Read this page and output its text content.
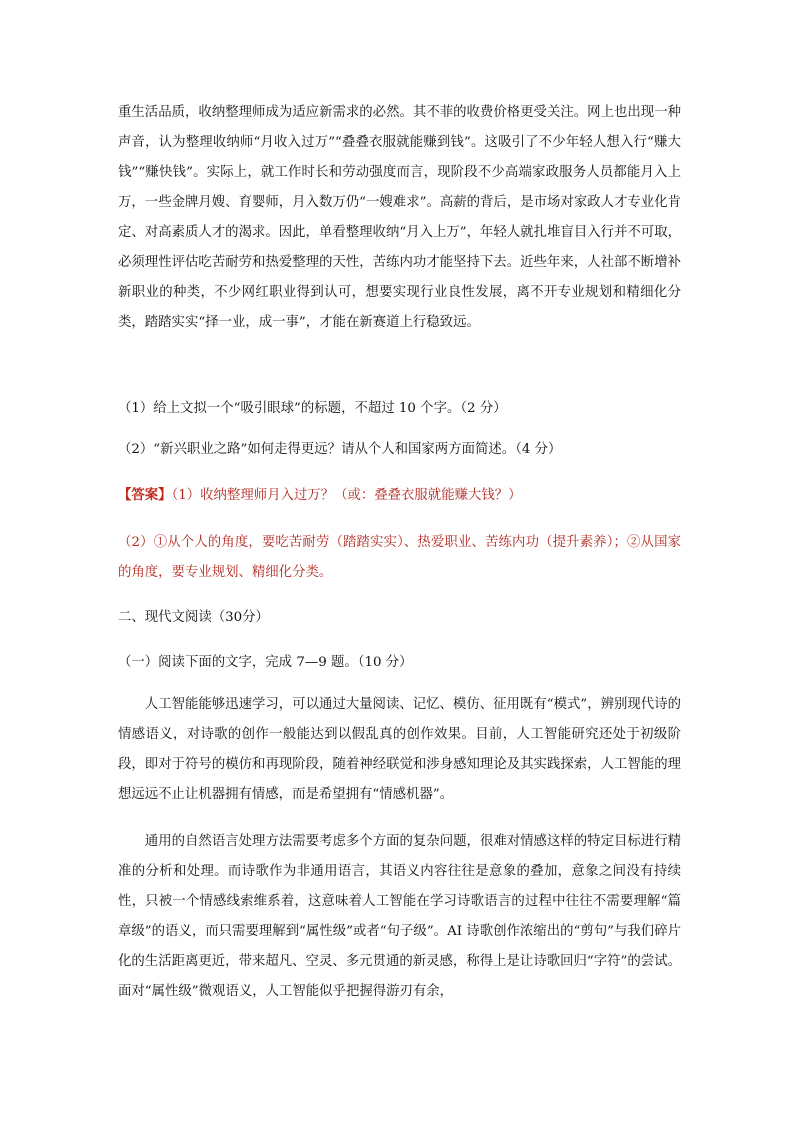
重生活品质，收纳整理师成为适应新需求的必然。其不菲的收费价格更受关注。网上也出现一种声音，认为整理收纳师“月收入过万”“叠叠衣服就能赚到钱”。这吸引了不少年轻人想入行“赚大钱”“赚快钱”。实际上，就工作时长和劳动强度而言，现阶段不少高端家政服务人员都能月入上万，一些金牌月嫂、育婴师，月入数万仍“一嫂难求”。高薪的背后，是市场对家政人才专业化肯定、对高素质人才的渴求。因此，单看整理收纳“月入上万”，年轻人就扎堆盲目入行并不可取，必须理性评估吃苦耐劳和热爱整理的天性，苦练内功才能坚持下去。近些年来，人社部不断增补新职业的种类，不少网红职业得到认可，想要实现行业良性发展，离不开专业规划和精细化分类，踏踏实实“择一业，成一事”，才能在新赛道上行稳致远。

（1）给上文拟一个“吸引眼球”的标题，不超过 10 个字。（2 分）

（2）“新兴职业之路”如何走得更远？请从个人和国家两方面简述。（4 分）

【答案】（1）收纳整理师月入过万？（或：叠叠衣服就能赚大钱？）

（2）①从个人的角度，要吃苦耐劳（踏踏实实）、热爱职业、苦练内功（提升素养）；②从国家的角度，要专业规划、精细化分类。

二、现代文阅读（30分）

（一）阅读下面的文字，完成 7—9 题。（10 分）

人工智能能够迅速学习，可以通过大量阅读、记忆、模仿、征用既有“模式”，辨别现代诗的情感语义，对诗歌的创作一般能达到以假乱真的创作效果。目前，人工智能研究还处于初级阶段，即对于符号的模仿和再现阶段，随着神经联觉和涉身感知理论及其实践探索，人工智能的理想远远不止让机器拥有情感，而是希望拥有“情感机器”。

通用的自然语言处理方法需要考虑多个方面的复杂问题，很难对情感这样的特定目标进行精准的分析和处理。而诗歌作为非通用语言，其语义内容往往是意象的叠加，意象之间没有持续性，只被一个情感线索维系着，这意味着人工智能在学习诗歌语言的过程中往往不需要理解“篇章级”的语义，而只需要理解到“属性级”或者“句子级”。AI 诗歌创作浓缩出的“剪句”与我们碎片化的生活距离更近，带来超凡、空灵、多元贯通的新灵感，称得上是让诗歌回归“字符”的尝试。面对“属性级”微观语义，人工智能似乎把握得游刃有余，
